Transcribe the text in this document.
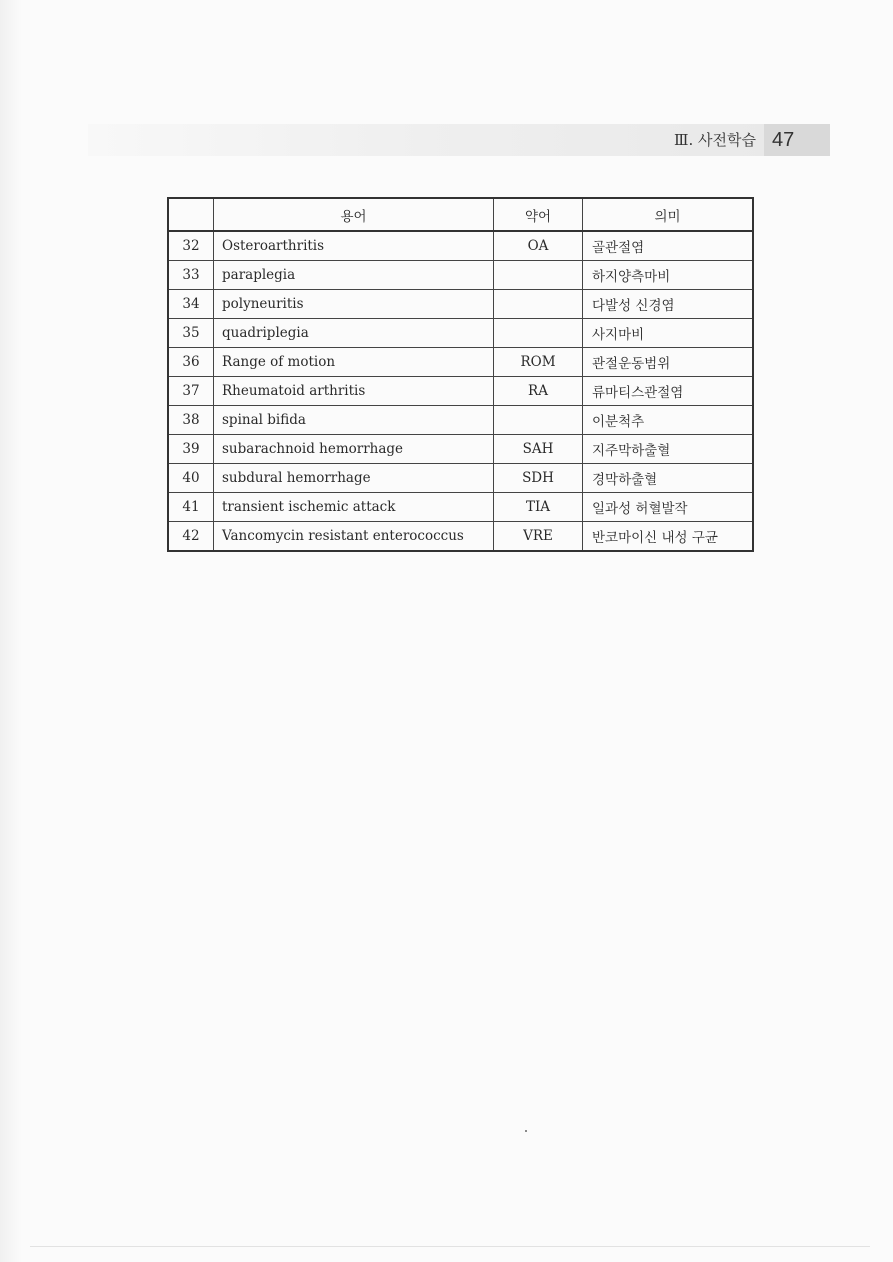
Ⅲ. 사전학습 47
	용어	약어	의미
32	Osteroarthritis	OA	골관절염
33	paraplegia		하지양측마비
34	polyneuritis		다발성 신경염
35	quadriplegia		사지마비
36	Range of motion	ROM	관절운동범위
37	Rheumatoid arthritis	RA	류마티스관절염
38	spinal bifida		이분척추
39	subarachnoid hemorrhage	SAH	지주막하출혈
40	subdural hemorrhage	SDH	경막하출혈
41	transient ischemic attack	TIA	일과성 허혈발작
42	Vancomycin resistant enterococcus	VRE	반코마이신 내성 구균
